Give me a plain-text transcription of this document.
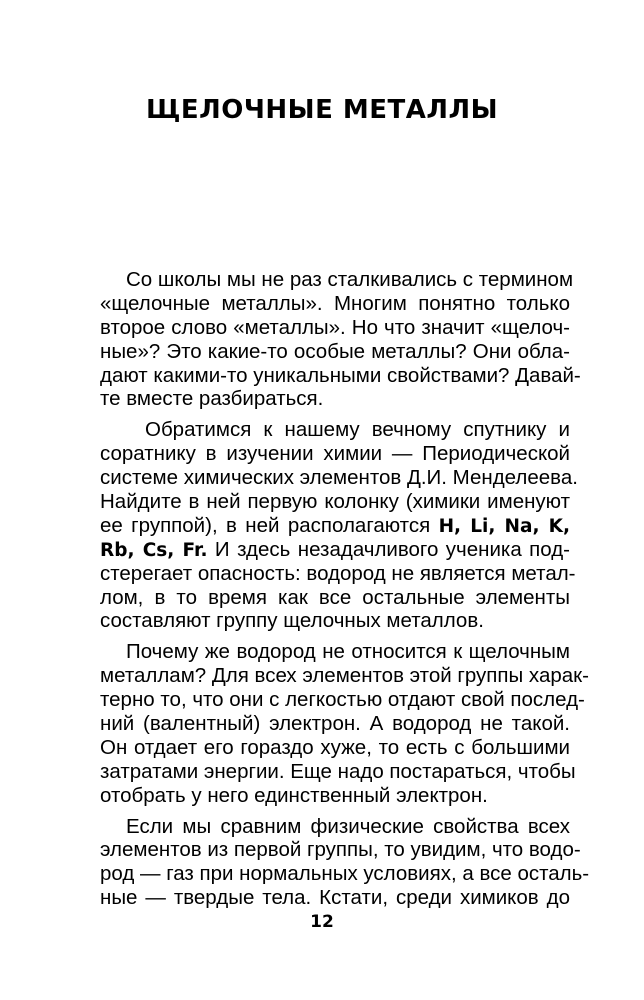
ЩЕЛОЧНЫЕ МЕТАЛЛЫ
Со школы мы не раз сталкивались с термином
«щелочные металлы». Многим понятно только
второе слово «металлы». Но что значит «щелоч-
ные»? Это какие-то особые металлы? Они обла-
дают какими-то уникальными свойствами? Давай-
те вместе разбираться.
Обратимся к нашему вечному спутнику и
соратнику в изучении химии — Периодической
системе химических элементов Д.И. Менделеева.
Найдите в ней первую колонку (химики именуют
ее группой), в ней располагаются H, Li, Na, K,
Rb, Cs, Fr. И здесь незадачливого ученика под-
стерегает опасность: водород не является метал-
лом, в то время как все остальные элементы
составляют группу щелочных металлов.
Почему же водород не относится к щелочным
металлам? Для всех элементов этой группы харак-
терно то, что они с легкостью отдают свой послед-
ний (валентный) электрон. А водород не такой.
Он отдает его гораздо хуже, то есть с большими
затратами энергии. Еще надо постараться, чтобы
отобрать у него единственный электрон.
Если мы сравним физические свойства всех
элементов из первой группы, то увидим, что водо-
род — газ при нормальных условиях, а все осталь-
ные — твердые тела. Кстати, среди химиков до
12
